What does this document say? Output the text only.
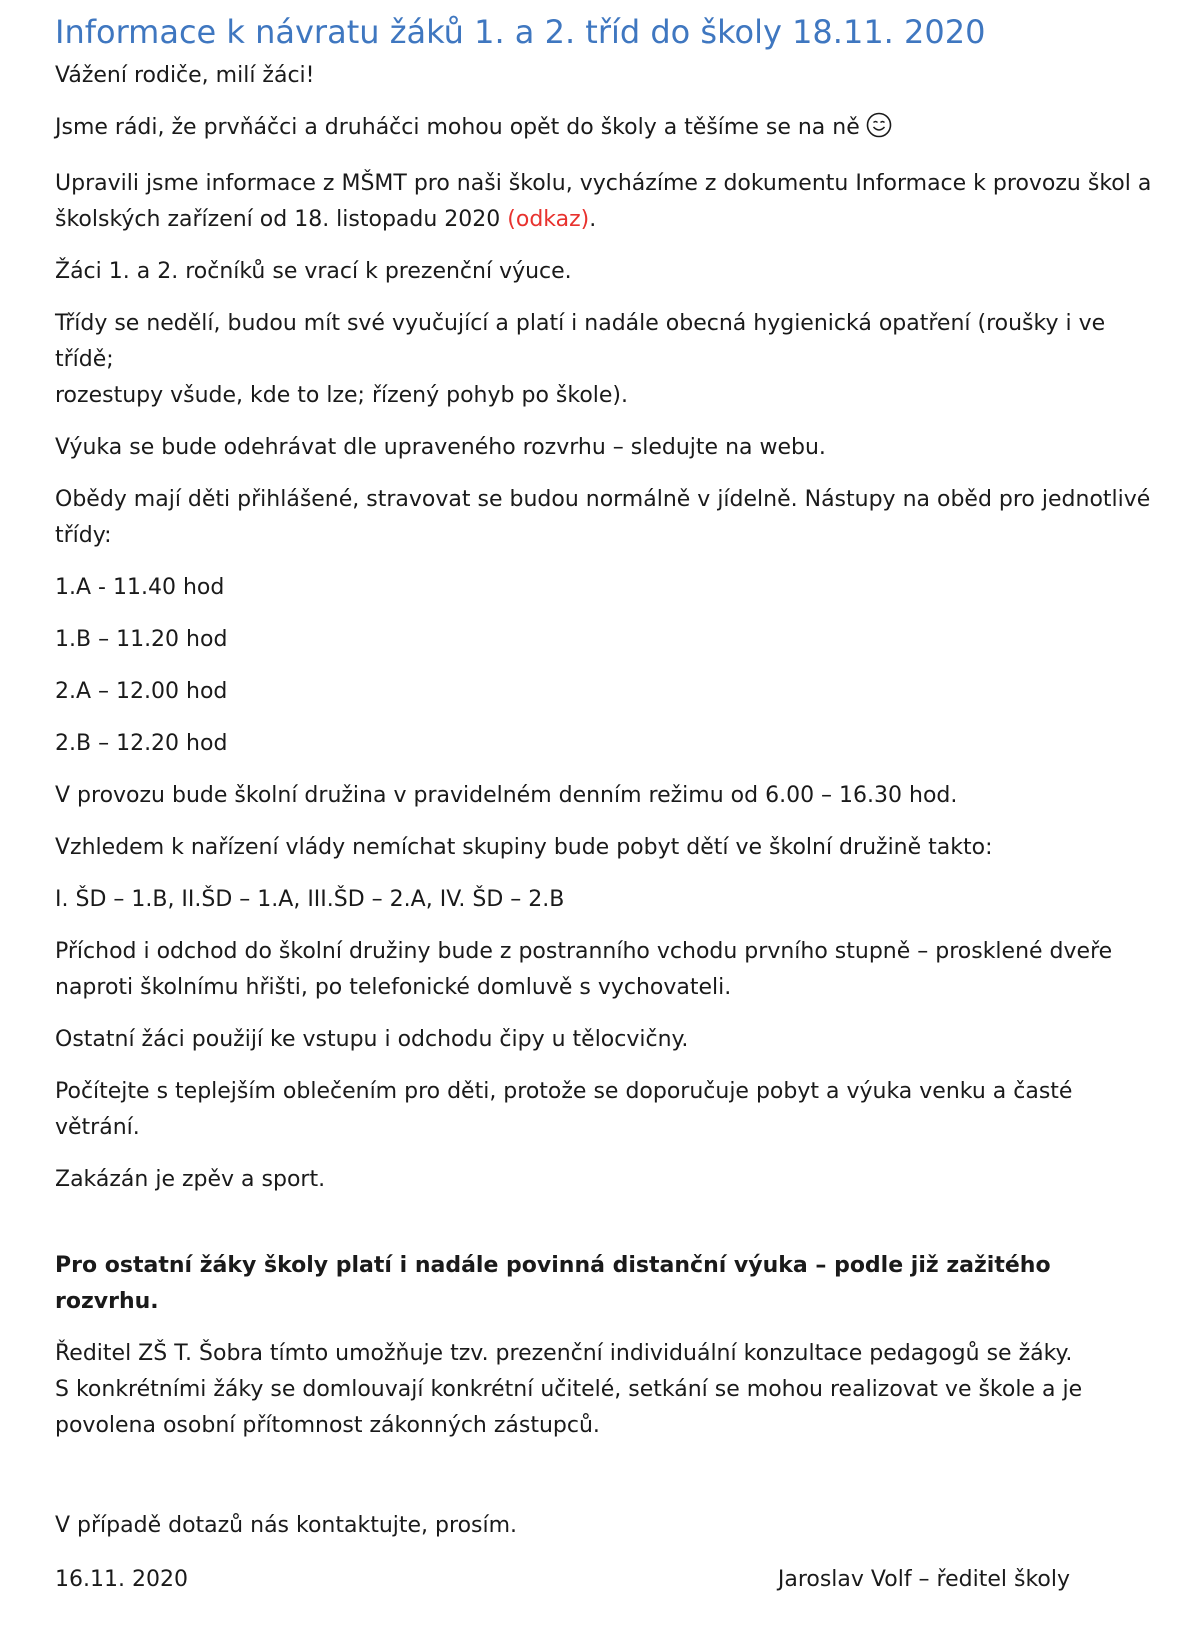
Informace k návratu žáků 1. a 2. tříd do školy 18.11. 2020

Vážení rodiče, milí žáci!

Jsme rádi, že prvňáčci a druháčci mohou opět do školy a těšíme se na ně

Upravili jsme informace z MŠMT pro naši školu, vycházíme z dokumentu Informace k provozu škol a

školských zařízení od 18. listopadu 2020 (odkaz).

Žáci 1. a 2. ročníků se vrací k prezenční výuce.

Třídy se nedělí, budou mít své vyučující a platí i nadále obecná hygienická opatření (roušky i ve třídě;

rozestupy všude, kde to lze; řízený pohyb po škole).

Výuka se bude odehrávat dle upraveného rozvrhu – sledujte na webu.

Obědy mají děti přihlášené, stravovat se budou normálně v jídelně. Nástupy na oběd pro jednotlivé

třídy:

1.A - 11.40 hod

1.B – 11.20 hod

2.A – 12.00 hod

2.B – 12.20 hod

V provozu bude školní družina v pravidelném denním režimu od 6.00 – 16.30 hod.

Vzhledem k nařízení vlády nemíchat skupiny bude pobyt dětí ve školní družině takto:

I. ŠD – 1.B, II.ŠD – 1.A, III.ŠD – 2.A, IV. ŠD – 2.B

Příchod i odchod do školní družiny bude z postranního vchodu prvního stupně – prosklené dveře

naproti školnímu hřišti, po telefonické domluvě s vychovateli.

Ostatní žáci použijí ke vstupu i odchodu čipy u tělocvičny.

Počítejte s teplejším oblečením pro děti, protože se doporučuje pobyt a výuka venku a časté větrání.

Zakázán je zpěv a sport.

Pro ostatní žáky školy platí i nadále povinná distanční výuka – podle již zažitého rozvrhu.

Ředitel ZŠ T. Šobra tímto umožňuje tzv. prezenční individuální konzultace pedagogů se žáky.

S konkrétními žáky se domlouvají konkrétní učitelé, setkání se mohou realizovat ve škole a je

povolena osobní přítomnost zákonných zástupců.

V případě dotazů nás kontaktujte, prosím.

16.11. 2020	Jaroslav Volf – ředitel školy
